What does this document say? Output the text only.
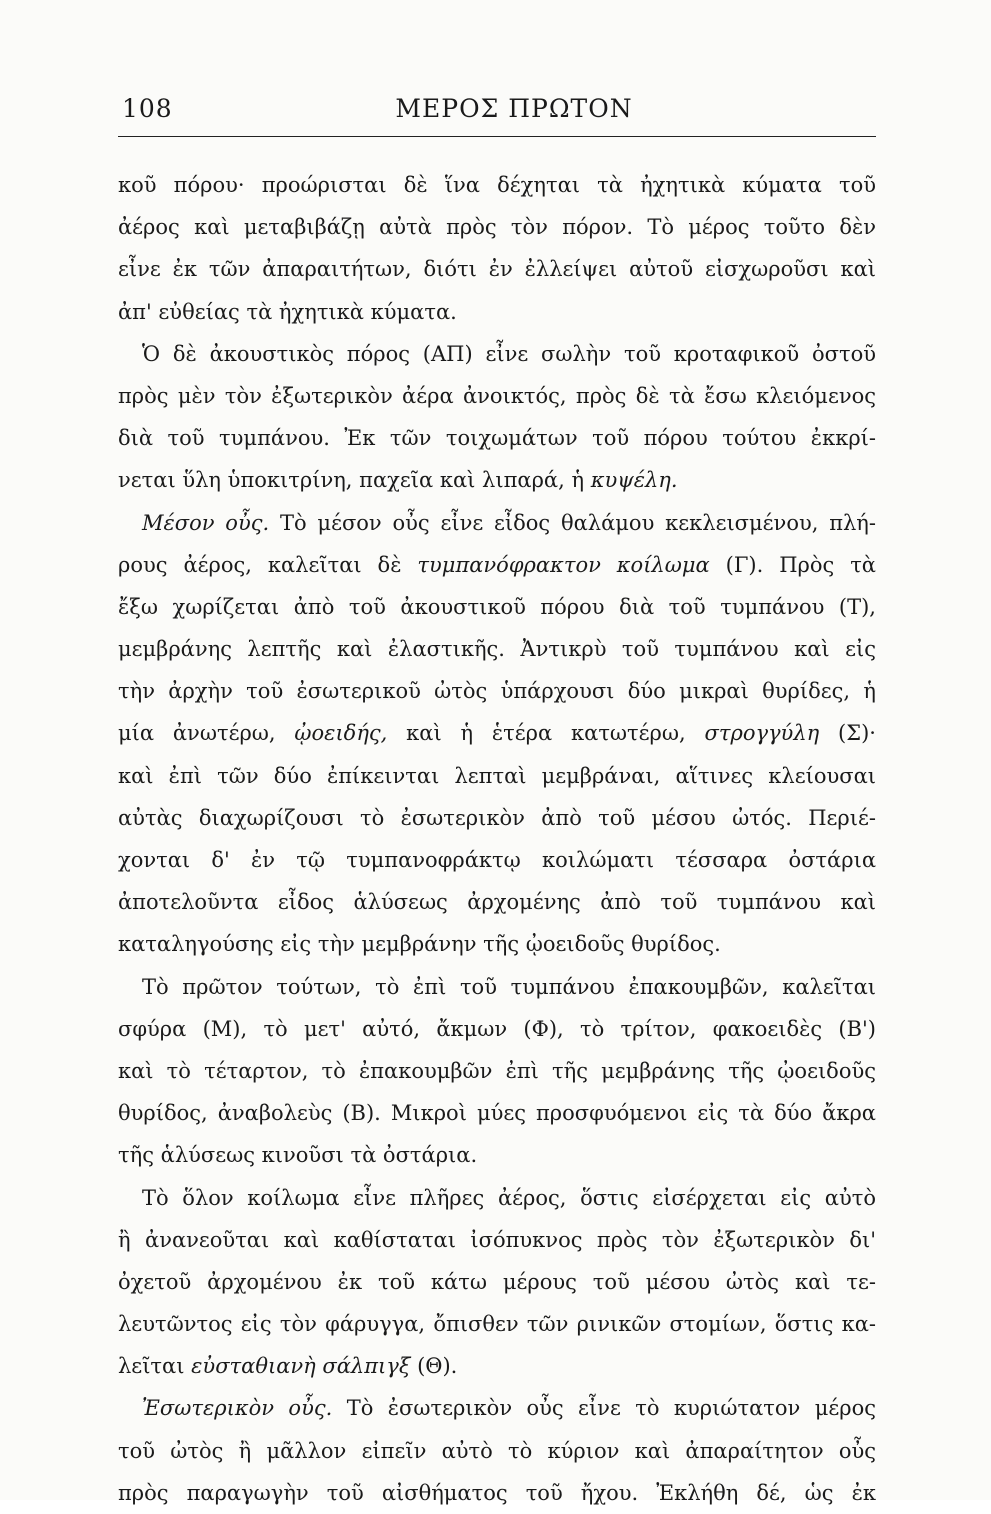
108	ΜΕΡΟΣ ΠΡΩΤΟΝ
κοῦ πόρου· προώρισται δὲ ἵνα δέχηται τὰ ἠχητικὰ κύματα τοῦ
ἀέρος καὶ μεταβιβάζῃ αὐτὰ πρὸς τὸν πόρον. Τὸ μέρος τοῦτο δὲν
εἶνε ἐκ τῶν ἀπαραιτήτων, διότι ἐν ἐλλείψει αὐτοῦ εἰσχωροῦσι καὶ
ἀπ' εὐθείας τὰ ἠχητικὰ κύματα.
Ὁ δὲ ἀκουστικὸς πόρος (ΑΠ) εἶνε σωλὴν τοῦ κροταφικοῦ ὀστοῦ
πρὸς μὲν τὸν ἐξωτερικὸν ἀέρα ἀνοικτός, πρὸς δὲ τὰ ἔσω κλειόμενος
διὰ τοῦ τυμπάνου. Ἐκ τῶν τοιχωμάτων τοῦ πόρου τούτου ἐκκρί-
νεται ὕλη ὑποκιτρίνη, παχεῖα καὶ λιπαρά, ἡ κυψέλη.
Μέσον οὖς. Τὸ μέσον οὖς εἶνε εἶδος θαλάμου κεκλεισμένου, πλή-
ρους ἀέρος, καλεῖται δὲ τυμπανόφρακτον κοίλωμα (Γ). Πρὸς τὰ
ἔξω χωρίζεται ἀπὸ τοῦ ἀκουστικοῦ πόρου διὰ τοῦ τυμπάνου (Τ),
μεμβράνης λεπτῆς καὶ ἐλαστικῆς. Ἀντικρὺ τοῦ τυμπάνου καὶ εἰς
τὴν ἀρχὴν τοῦ ἐσωτερικοῦ ὠτὸς ὑπάρχουσι δύο μικραὶ θυρίδες, ἡ
μία ἀνωτέρω, ᾠοειδής, καὶ ἡ ἑτέρα κατωτέρω, στρογγύλη (Σ)·
καὶ ἐπὶ τῶν δύο ἐπίκεινται λεπταὶ μεμβράναι, αἵτινες κλείουσαι
αὐτὰς διαχωρίζουσι τὸ ἐσωτερικὸν ἀπὸ τοῦ μέσου ὠτός. Περιέ-
χονται δ' ἐν τῷ τυμπανοφράκτῳ κοιλώματι τέσσαρα ὀστάρια
ἀποτελοῦντα εἶδος ἁλύσεως ἀρχομένης ἀπὸ τοῦ τυμπάνου καὶ
καταληγούσης εἰς τὴν μεμβράνην τῆς ᾠοειδοῦς θυρίδος.
Τὸ πρῶτον τούτων, τὸ ἐπὶ τοῦ τυμπάνου ἐπακουμβῶν, καλεῖται
σφύρα (Μ), τὸ μετ' αὐτό, ἄκμων (Φ), τὸ τρίτον, φακοειδὲς (Β')
καὶ τὸ τέταρτον, τὸ ἐπακουμβῶν ἐπὶ τῆς μεμβράνης τῆς ᾠοειδοῦς
θυρίδος, ἀναβολεὺς (Β). Μικροὶ μύες προσφυόμενοι εἰς τὰ δύο ἄκρα
τῆς ἁλύσεως κινοῦσι τὰ ὀστάρια.
Τὸ ὅλον κοίλωμα εἶνε πλῆρες ἀέρος, ὅστις εἰσέρχεται εἰς αὐτὸ
ἢ ἀνανεοῦται καὶ καθίσταται ἰσόπυκνος πρὸς τὸν ἐξωτερικὸν δι'
ὀχετοῦ ἀρχομένου ἐκ τοῦ κάτω μέρους τοῦ μέσου ὠτὸς καὶ τε-
λευτῶντος εἰς τὸν φάρυγγα, ὄπισθεν τῶν ρινικῶν στομίων, ὅστις κα-
λεῖται εὐσταθιανὴ σάλπιγξ (Θ).
Ἐσωτερικὸν οὖς. Τὸ ἐσωτερικὸν οὖς εἶνε τὸ κυριώτατον μέρος
τοῦ ὠτὸς ἢ μᾶλλον εἰπεῖν αὐτὸ τὸ κύριον καὶ ἀπαραίτητον οὖς
πρὸς παραγωγὴν τοῦ αἰσθήματος τοῦ ἤχου. Ἐκλήθη δέ, ὡς ἐκ
